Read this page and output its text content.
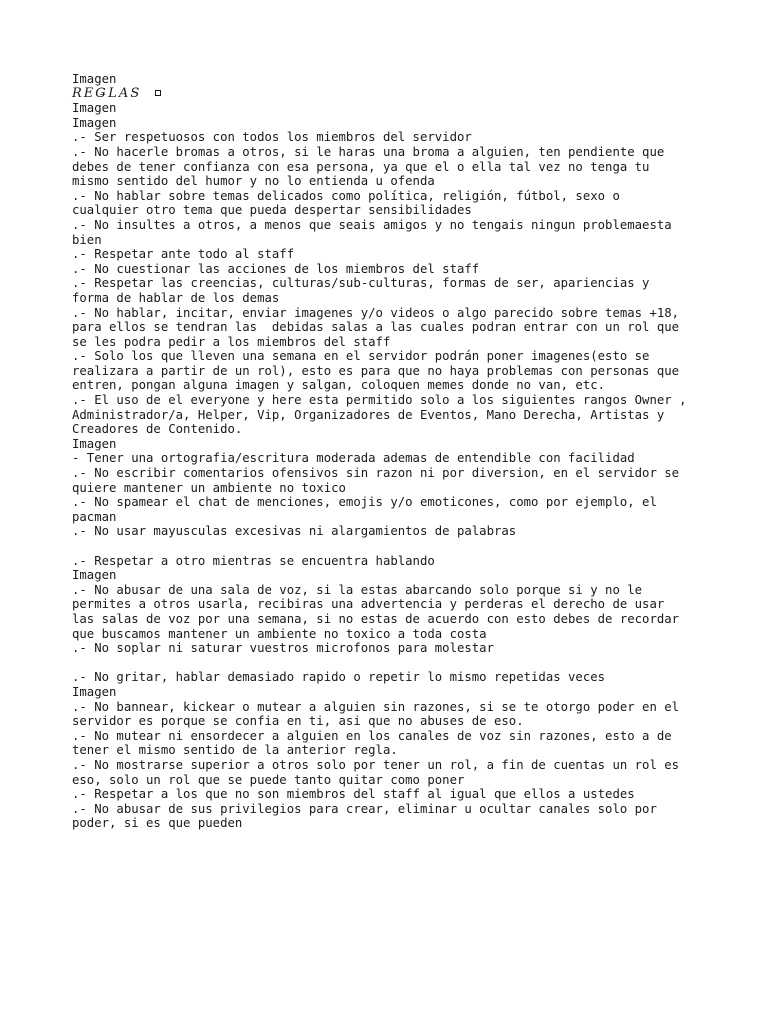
Imagen
REǤLAS
Imagen
Imagen
.- Ser respetuosos con todos los miembros del servidor
.- No hacerle bromas a otros, si le haras una broma a alguien, ten pendiente que
debes de tener confianza con esa persona, ya que el o ella tal vez no tenga tu
mismo sentido del humor y no lo entienda u ofenda
.- No hablar sobre temas delicados como política, religión, fútbol, sexo o
cualquier otro tema que pueda despertar sensibilidades
.- No insultes a otros, a menos que seais amigos y no tengais ningun problemaesta
bien
.- Respetar ante todo al staff
.- No cuestionar las acciones de los miembros del staff
.- Respetar las creencias, culturas/sub-culturas, formas de ser, apariencias y
forma de hablar de los demas
.- No hablar, incitar, enviar imagenes y/o videos o algo parecido sobre temas +18,
para ellos se tendran las  debidas salas a las cuales podran entrar con un rol que
se les podra pedir a los miembros del staff
.- Solo los que lleven una semana en el servidor podrán poner imagenes(esto se
realizara a partir de un rol), esto es para que no haya problemas con personas que
entren, pongan alguna imagen y salgan, coloquen memes donde no van, etc.
.- El uso de el everyone y here esta permitido solo a los siguientes rangos Owner ,
Administrador/a, Helper, Vip, Organizadores de Eventos, Mano Derecha, Artistas y
Creadores de Contenido.
Imagen
- Tener una ortografia/escritura moderada ademas de entendible con facilidad
.- No escribir comentarios ofensivos sin razon ni por diversion, en el servidor se
quiere mantener un ambiente no toxico
.- No spamear el chat de menciones, emojis y/o emoticones, como por ejemplo, el
pacman
.- No usar mayusculas excesivas ni alargamientos de palabras
.- Respetar a otro mientras se encuentra hablando
Imagen
.- No abusar de una sala de voz, si la estas abarcando solo porque si y no le
permites a otros usarla, recibiras una advertencia y perderas el derecho de usar
las salas de voz por una semana, si no estas de acuerdo con esto debes de recordar
que buscamos mantener un ambiente no toxico a toda costa
.- No soplar ni saturar vuestros microfonos para molestar
.- No gritar, hablar demasiado rapido o repetir lo mismo repetidas veces
Imagen
.- No bannear, kickear o mutear a alguien sin razones, si se te otorgo poder en el
servidor es porque se confia en ti, asi que no abuses de eso.
.- No mutear ni ensordecer a alguien en los canales de voz sin razones, esto a de
tener el mismo sentido de la anterior regla.
.- No mostrarse superior a otros solo por tener un rol, a fin de cuentas un rol es
eso, solo un rol que se puede tanto quitar como poner
.- Respetar a los que no son miembros del staff al igual que ellos a ustedes
.- No abusar de sus privilegios para crear, eliminar u ocultar canales solo por
poder, si es que pueden
